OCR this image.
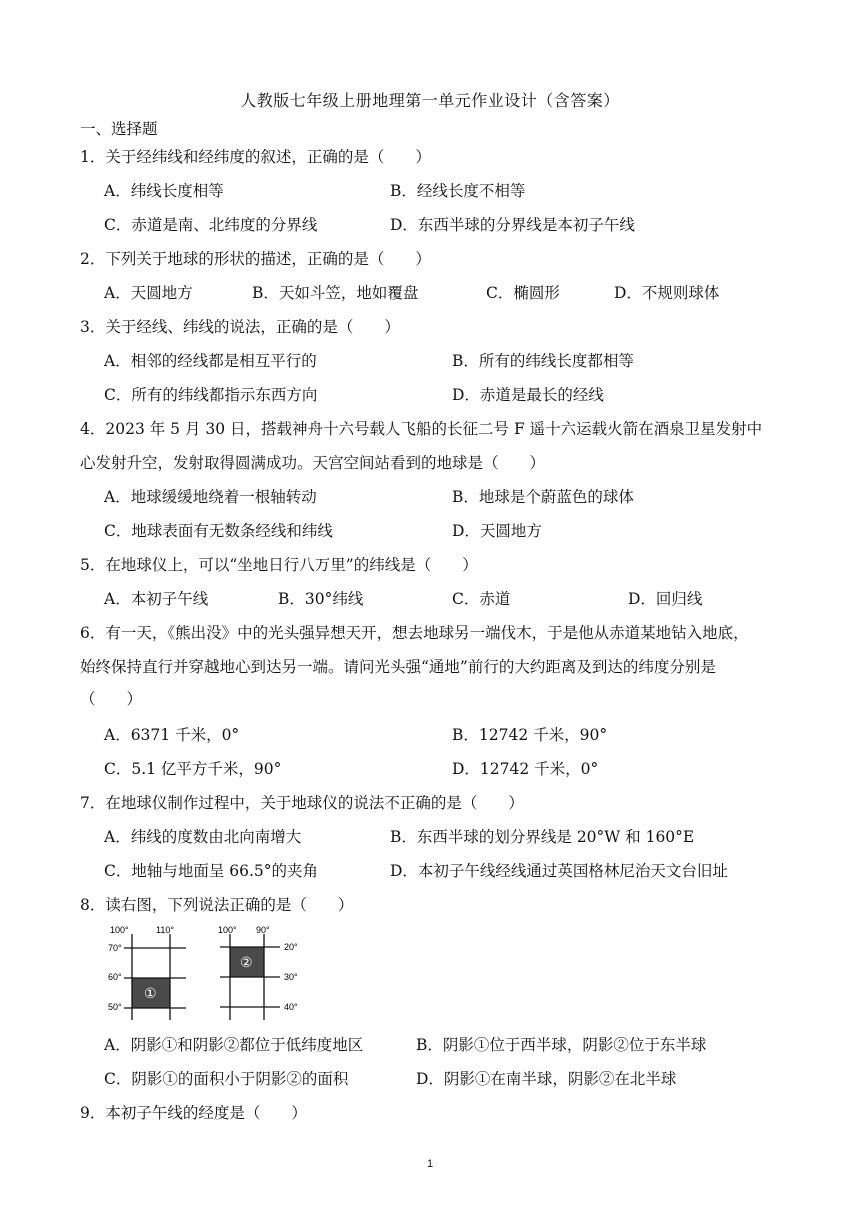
人教版七年级上册地理第一单元作业设计（含答案）
一、选择题
1．关于经纬线和经纬度的叙述，正确的是（　　）
A．纬线长度相等	B．经线长度不相等
C．赤道是南、北纬度的分界线	D．东西半球的分界线是本初子午线
2．下列关于地球的形状的描述，正确的是（　　）
A．天圆地方	B．天如斗笠，地如覆盘	C．椭圆形	D．不规则球体
3．关于经线、纬线的说法，正确的是（　　）
A．相邻的经线都是相互平行的	B．所有的纬线长度都相等
C．所有的纬线都指示东西方向	D．赤道是最长的经线
4．2023 年 5 月 30 日，搭载神舟十六号载人飞船的长征二号 F 遥十六运载火箭在酒泉卫星发射中
心发射升空，发射取得圆满成功。天宫空间站看到的地球是（　　）
A．地球缓缓地绕着一根轴转动	B．地球是个蔚蓝色的球体
C．地球表面有无数条经线和纬线	D．天圆地方
5．在地球仪上，可以“坐地日行八万里”的纬线是（　　）
A．本初子午线	B．30°纬线	C．赤道	D．回归线
6．有一天，《熊出没》中的光头强异想天开，想去地球另一端伐木，于是他从赤道某地钻入地底，
始终保持直行并穿越地心到达另一端。请问光头强“通地”前行的大约距离及到达的纬度分别是
（　　）
A．6371 千米，0°	B．12742 千米，90°
C．5.1 亿平方千米，90°	D．12742 千米，0°
7．在地球仪制作过程中，关于地球仪的说法不正确的是（　　）
A．纬线的度数由北向南增大	B．东西半球的划分界线是 20°W 和 160°E
C．地轴与地面呈 66.5°的夹角	D．本初子午线经线通过英国格林尼治天文台旧址
8．读右图，下列说法正确的是（　　）
100°	110°
70°
60°
50°
①
100° 90°
20°
30°
40°
②
A．阴影①和阴影②都位于低纬度地区	B．阴影①位于西半球，阴影②位于东半球
C．阴影①的面积小于阴影②的面积	D．阴影①在南半球，阴影②在北半球
9．本初子午线的经度是（　　）
1
